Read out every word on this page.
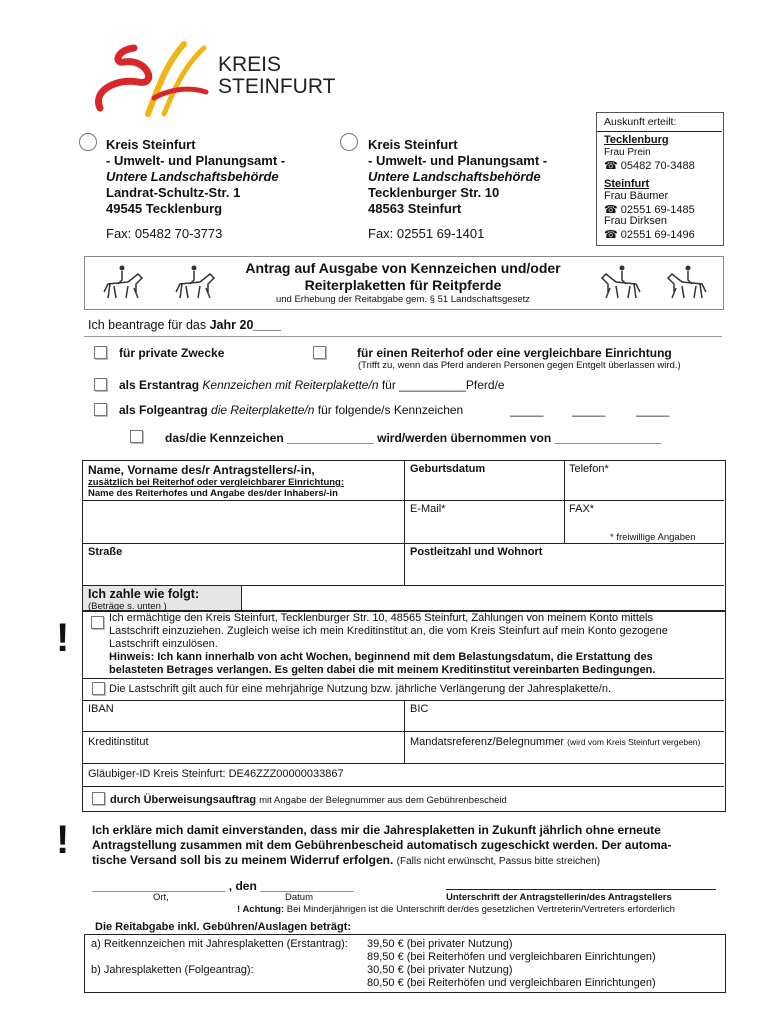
KREIS
STEINFURT
Auskunft erteilt:
Tecklenburg
Frau Prein
☎ 05482 70-3488
Steinfurt
Frau Bäumer
☎ 02551 69-1485
Frau Dirksen
☎ 02551 69-1496
Kreis Steinfurt
- Umwelt- und Planungsamt -
Untere Landschaftsbehörde
Landrat-Schultz-Str. 1
49545 Tecklenburg
Fax: 05482 70-3773
Kreis Steinfurt
- Umwelt- und Planungsamt -
Untere Landschaftsbehörde
Tecklenburger Str. 10
48563 Steinfurt
Fax: 02551 69-1401
Antrag auf Ausgabe von Kennzeichen und/oder
Reiterplaketten für Reitpferde
und Erhebung der Reitabgabe gem. § 51 Landschaftsgesetz
Ich beantrage für das Jahr 20____
für private Zwecke	für einen Reiterhof oder eine vergleichbare Einrichtung
(Trifft zu, wenn das Pferd anderen Personen gegen Entgelt überlassen wird.)
als Erstantrag Kennzeichen mit Reiterplakette/n für __________Pferd/e
als Folgeantrag die Reiterplakette/n für folgende/s Kennzeichen	_____ _____	_____
das/die Kennzeichen _____________ wird/werden übernommen von ________________
Name, Vorname des/r Antragstellers/-in,
zusätzlich bei Reiterhof oder vergleichbarer Einrichtung:
Name des Reiterhofes und Angabe des/der Inhabers/-in
Geburtsdatum	Telefon*
E-Mail*	FAX*
* freiwillige Angaben
Straße	Postleitzahl und Wohnort
Ich zahle wie folgt:
(Beträge s. unten )
!	Ich ermächtige den Kreis Steinfurt, Tecklenburger Str. 10, 48565 Steinfurt, Zahlungen von meinem Konto mittels
Lastschrift einzuziehen. Zugleich weise ich mein Kreditinstitut an, die vom Kreis Steinfurt auf mein Konto gezogene
Lastschrift einzulösen.
Hinweis: Ich kann innerhalb von acht Wochen, beginnend mit dem Belastungsdatum, die Erstattung des
belasteten Betrages verlangen. Es gelten dabei die mit meinem Kreditinstitut vereinbarten Bedingungen.
Die Lastschrift gilt auch für eine mehrjährige Nutzung bzw. jährliche Verlängerung der Jahresplakette/n.
IBAN	BIC
Kreditinstitut	Mandatsreferenz/Belegnummer (wird vom Kreis Steinfurt vergeben)
Gläubiger-ID Kreis Steinfurt: DE46ZZZ00000033867
durch Überweisungsauftrag mit Angabe der Belegnummer aus dem Gebührenbescheid
! Ich erkläre mich damit einverstanden, dass mir die Jahresplaketten in Zukunft jährlich ohne erneute
Antragstellung zusammen mit dem Gebührenbescheid automatisch zugeschickt werden. Der automa-
tische Versand soll bis zu meinem Widerruf erfolgen. (Falls nicht erwünscht, Passus bitte streichen)
____________________ , den ______________
Ort,	Datum	Unterschrift der Antragstellerin/des Antragstellers
! Achtung: Bei Minderjährigen ist die Unterschrift der/des gesetzlichen Vertreterin/Vertreters erforderlich
Die Reitabgabe inkl. Gebühren/Auslagen beträgt:
a) Reitkennzeichen mit Jahresplaketten (Erstantrag): 39,50 € (bei privater Nutzung)
89,50 € (bei Reiterhöfen und vergleichbaren Einrichtungen)
b) Jahresplaketten (Folgeantrag):	30,50 € (bei privater Nutzung)
80,50 € (bei Reiterhöfen und vergleichbaren Einrichtungen)
